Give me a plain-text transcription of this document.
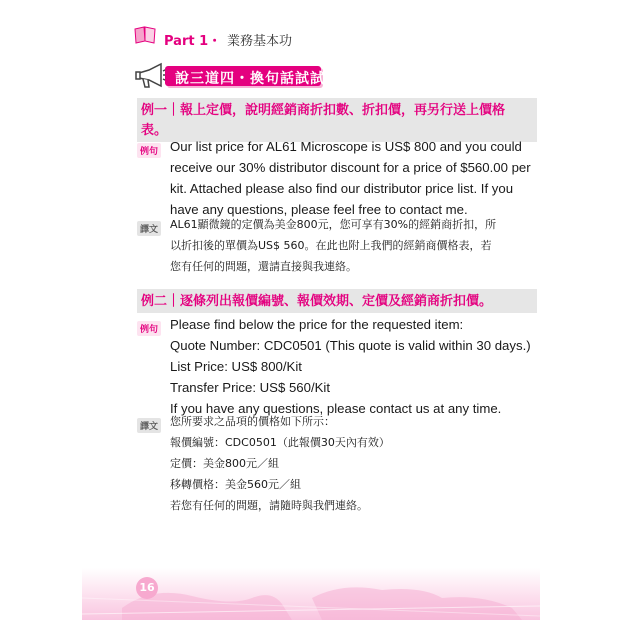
Part 1・ 業務基本功
說三道四・換句話試試
例一｜報上定價，說明經銷商折扣數、折扣價，再另行送上價格
表。
例句 Our list price for AL61 Microscope is US$ 800 and you could
receive our 30% distributor discount for a price of $560.00 per
kit. Attached please also find our distributor price list. If you
have any questions, please feel free to contact me.
譯文 AL61顯微鏡的定價為美金800元，您可享有30%的經銷商折扣，所
以折扣後的單價為US$ 560。在此也附上我們的經銷商價格表，若
您有任何的問題，還請直接與我連絡。
例二｜逐條列出報價編號、報價效期、定價及經銷商折扣價。
例句 Please find below the price for the requested item:
Quote Number: CDC0501 (This quote is valid within 30 days.)
List Price: US$ 800/Kit
Transfer Price: US$ 560/Kit
If you have any questions, please contact us at any time.
譯文 您所要求之品項的價格如下所示：
報價編號：CDC0501（此報價30天內有效）
定價：美金800元／組
移轉價格：美金560元／組
若您有任何的問題，請隨時與我們連絡。
16
